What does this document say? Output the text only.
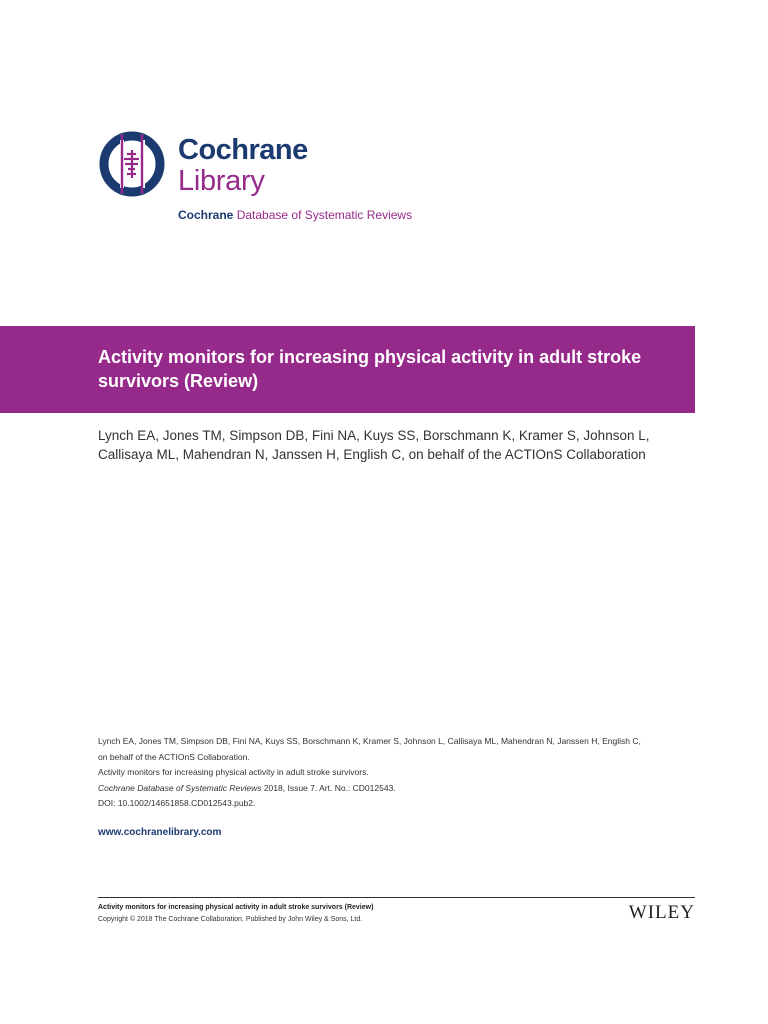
Cochrane
Library
Cochrane Database of Systematic Reviews
Activity monitors for increasing physical activity in adult stroke survivors (Review)
Lynch EA, Jones TM, Simpson DB, Fini NA, Kuys SS, Borschmann K, Kramer S, Johnson L, Callisaya ML, Mahendran N, Janssen H, English C, on behalf of the ACTIOnS Collaboration
Lynch EA, Jones TM, Simpson DB, Fini NA, Kuys SS, Borschmann K, Kramer S, Johnson L, Callisaya ML, Mahendran N, Janssen H, English C,
on behalf of the ACTIOnS Collaboration.
Activity monitors for increasing physical activity in adult stroke survivors.
Cochrane Database of Systematic Reviews 2018, Issue 7. Art. No.: CD012543.
DOI: 10.1002/14651858.CD012543.pub2.
www.cochranelibrary.com
Activity monitors for increasing physical activity in adult stroke survivors (Review)
Copyright © 2018 The Cochrane Collaboration. Published by John Wiley & Sons, Ltd.	WILEY
